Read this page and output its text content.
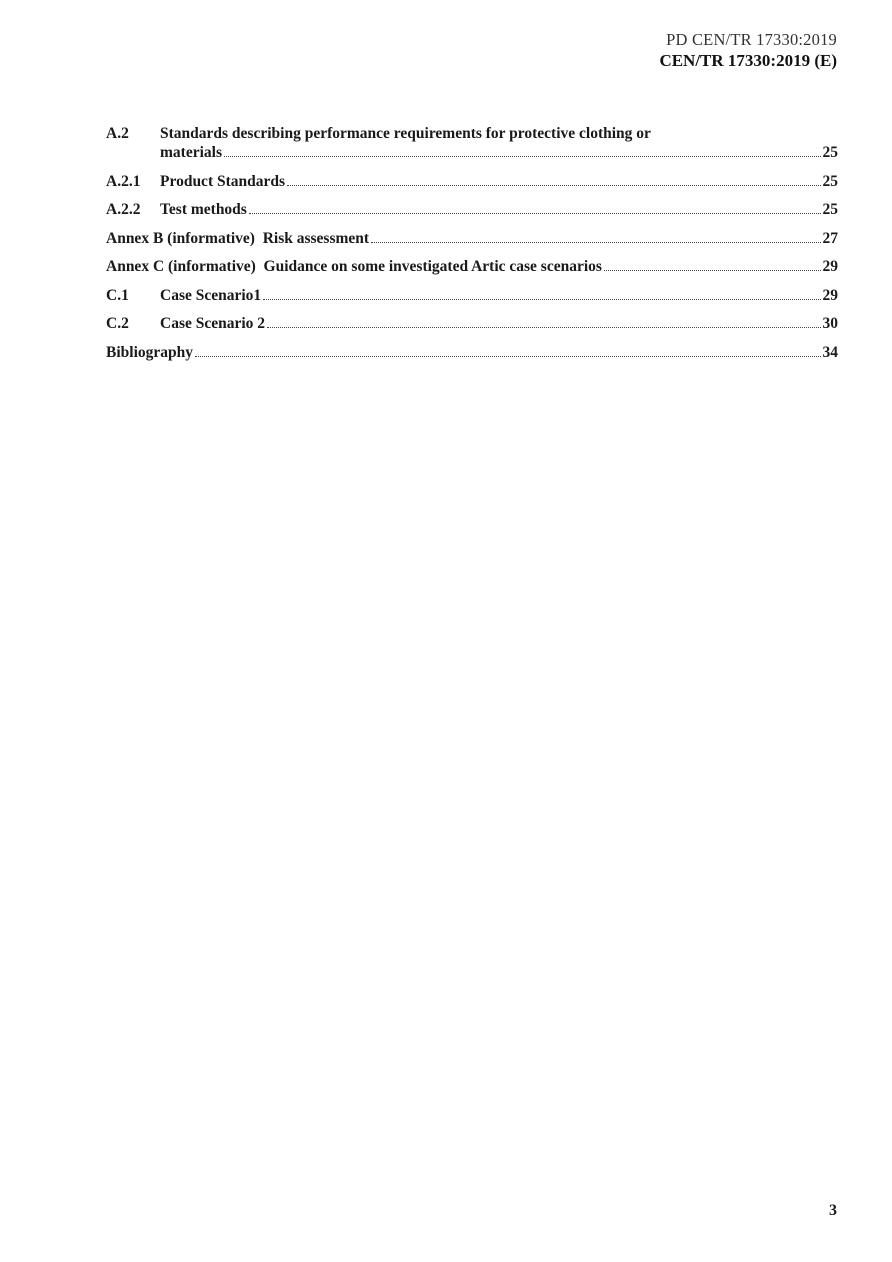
PD CEN/TR 17330:2019
CEN/TR 17330:2019 (E)
A.2	Standards describing performance requirements for protective clothing or
materials	25
A.2.1	Product Standards	25
A.2.2	Test methods	25
Annex B (informative)  Risk assessment	27
Annex C (informative)  Guidance on some investigated Artic case scenarios	29
C.1	Case Scenario1	29
C.2	Case Scenario 2	30
Bibliography	34
3
